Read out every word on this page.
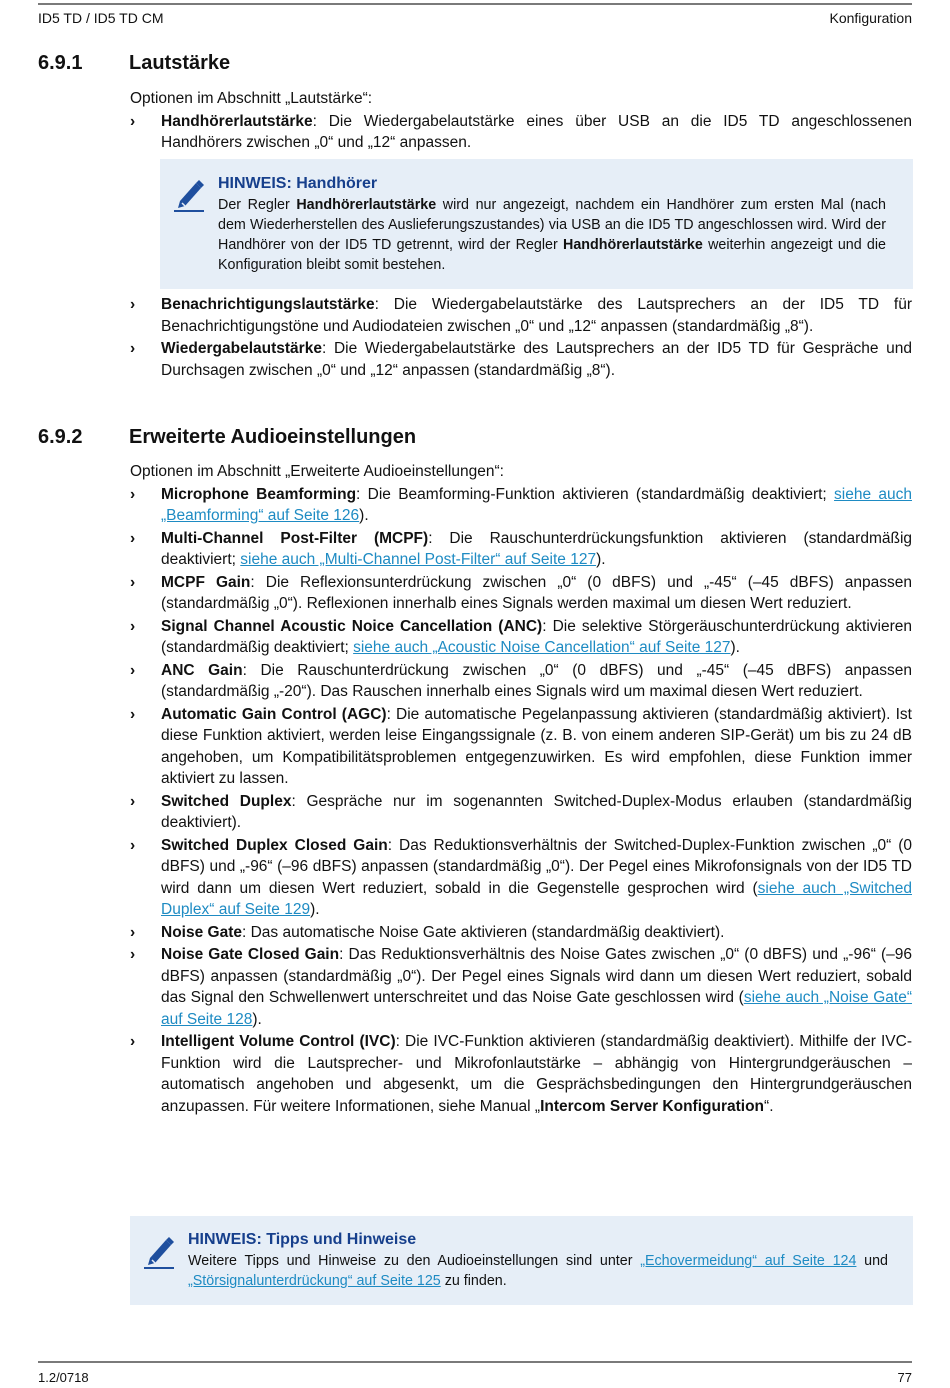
ID5 TD / ID5 TD CM	Konfiguration
6.9.1 Lautstärke

Optionen im Abschnitt „Lautstärke“:

› Handhörerlautstärke: Die Wiedergabelautstärke eines über USB an die ID5 TD angeschlossenen Handhörers zwischen „0“ und „12“ anpassen.
HINWEIS: Handhörer
Der Regler Handhörerlautstärke wird nur angezeigt, nachdem ein Handhörer zum ersten Mal (nach dem Wiederherstellen des Auslieferungszustandes) via USB an die ID5 TD angeschlossen wird. Wird der Handhörer von der ID5 TD getrennt, wird der Regler Handhörerlautstärke weiterhin angezeigt und die Konfiguration bleibt somit bestehen.
› Benachrichtigungslautstärke: Die Wiedergabelautstärke des Lautsprechers an der ID5 TD für Benachrichtigungstöne und Audiodateien zwischen „0“ und „12“ anpassen (standardmäßig „8“).
› Wiedergabelautstärke: Die Wiedergabelautstärke des Lautsprechers an der ID5 TD für Gespräche und Durchsagen zwischen „0“ und „12“ anpassen (standardmäßig „8“).
6.9.2 Erweiterte Audioeinstellungen

Optionen im Abschnitt „Erweiterte Audioeinstellungen“:

› Microphone Beamforming: Die Beamforming-Funktion aktivieren (standardmäßig deaktiviert; siehe auch „Beamforming“ auf Seite 126).
› Multi-Channel Post-Filter (MCPF): Die Rauschunterdrückungsfunktion aktivieren (standardmäßig deaktiviert; siehe auch „Multi-Channel Post-Filter“ auf Seite 127).
› MCPF Gain: Die Reflexionsunterdrückung zwischen „0“ (0 dBFS) und „-45“ (–45 dBFS) anpassen (standardmäßig „0“). Reflexionen innerhalb eines Signals werden maximal um diesen Wert reduziert.
› Signal Channel Acoustic Noice Cancellation (ANC): Die selektive Störgeräuschunterdrückung aktivieren (standardmäßig deaktiviert; siehe auch „Acoustic Noise Cancellation“ auf Seite 127).
› ANC Gain: Die Rauschunterdrückung zwischen „0“ (0 dBFS) und „-45“ (–45 dBFS) anpassen (standardmäßig „-20“). Das Rauschen innerhalb eines Signals wird um maximal diesen Wert reduziert.
› Automatic Gain Control (AGC): Die automatische Pegelanpassung aktivieren (standardmäßig aktiviert). Ist diese Funktion aktiviert, werden leise Eingangssignale (z. B. von einem anderen SIP-Gerät) um bis zu 24 dB angehoben, um Kompatibilitätsproblemen entgegenzuwirken. Es wird empfohlen, diese Funktion immer aktiviert zu lassen.
› Switched Duplex: Gespräche nur im sogenannten Switched-Duplex-Modus erlauben (standardmäßig deaktiviert).
› Switched Duplex Closed Gain: Das Reduktionsverhältnis der Switched-Duplex-Funktion zwischen „0“ (0 dBFS) und „-96“ (–96 dBFS) anpassen (standardmäßig „0“). Der Pegel eines Mikrofonsignals von der ID5 TD wird dann um diesen Wert reduziert, sobald in die Gegenstelle gesprochen wird (siehe auch „Switched Duplex“ auf Seite 129).
› Noise Gate: Das automatische Noise Gate aktivieren (standardmäßig deaktiviert).
› Noise Gate Closed Gain: Das Reduktionsverhältnis des Noise Gates zwischen „0“ (0 dBFS) und „-96“ (–96 dBFS) anpassen (standardmäßig „0“). Der Pegel eines Signals wird dann um diesen Wert reduziert, sobald das Signal den Schwellenwert unterschreitet und das Noise Gate geschlossen wird (siehe auch „Noise Gate“ auf Seite 128).
› Intelligent Volume Control (IVC): Die IVC-Funktion aktivieren (standardmäßig deaktiviert). Mithilfe der IVC-Funktion wird die Lautsprecher- und Mikrofonlautstärke – abhängig von Hintergrundgeräuschen – automatisch angehoben und abgesenkt, um die Gesprächsbedingungen den Hintergrundgeräuschen anzupassen. Für weitere Informationen, siehe Manual „Intercom Server Konfiguration“.
HINWEIS: Tipps und Hinweise
Weitere Tipps und Hinweise zu den Audioeinstellungen sind unter „Echovermeidung“ auf Seite 124 und „Störsignalunterdrückung“ auf Seite 125 zu finden.
1.2/0718	77
